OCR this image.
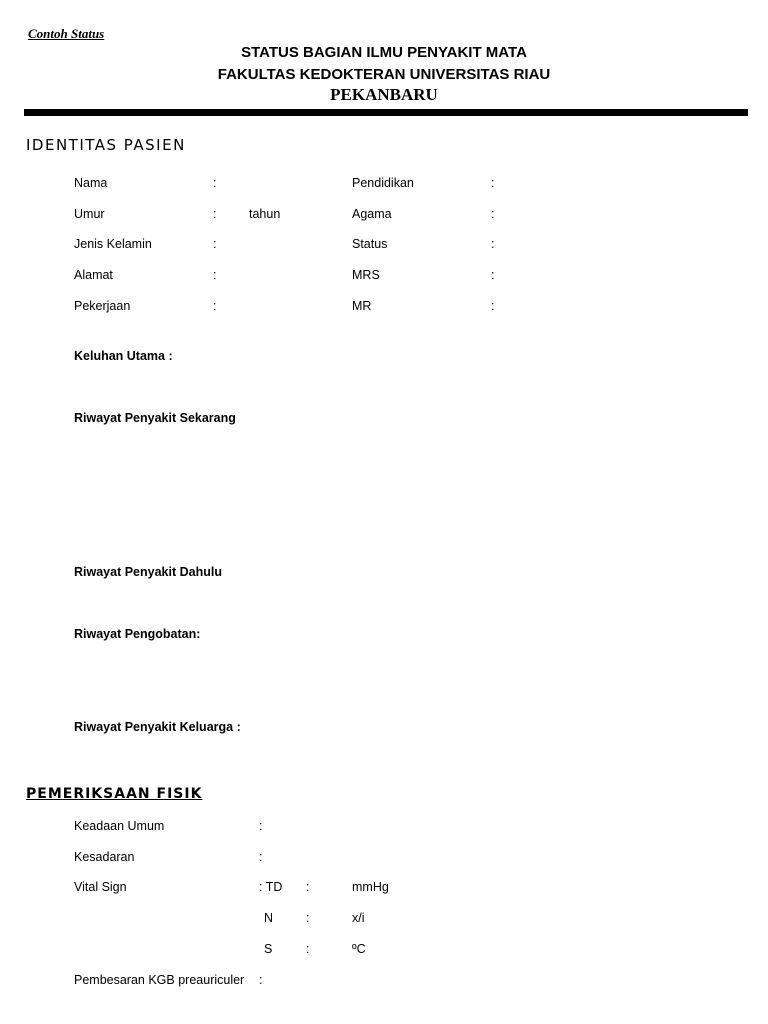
Contoh Status
STATUS BAGIAN ILMU PENYAKIT MATA
FAKULTAS KEDOKTERAN UNIVERSITAS RIAU
PEKANBARU
IDENTITAS PASIEN
Nama	:
Umur	:	tahun
Jenis Kelamin	:
Alamat	:
Pekerjaan	:
Pendidikan	:
Agama	:
Status	:
MRS	:
MR	:
Keluhan Utama :
Riwayat Penyakit Sekarang
Riwayat Penyakit Dahulu
Riwayat Pengobatan:
Riwayat Penyakit Keluarga :
PEMERIKSAAN FISIK
Keadaan Umum	:
Kesadaran	:
Vital Sign	: TD :	mmHg
N	:	x/i
S	:	ºC
Pembesaran KGB preauriculer :
